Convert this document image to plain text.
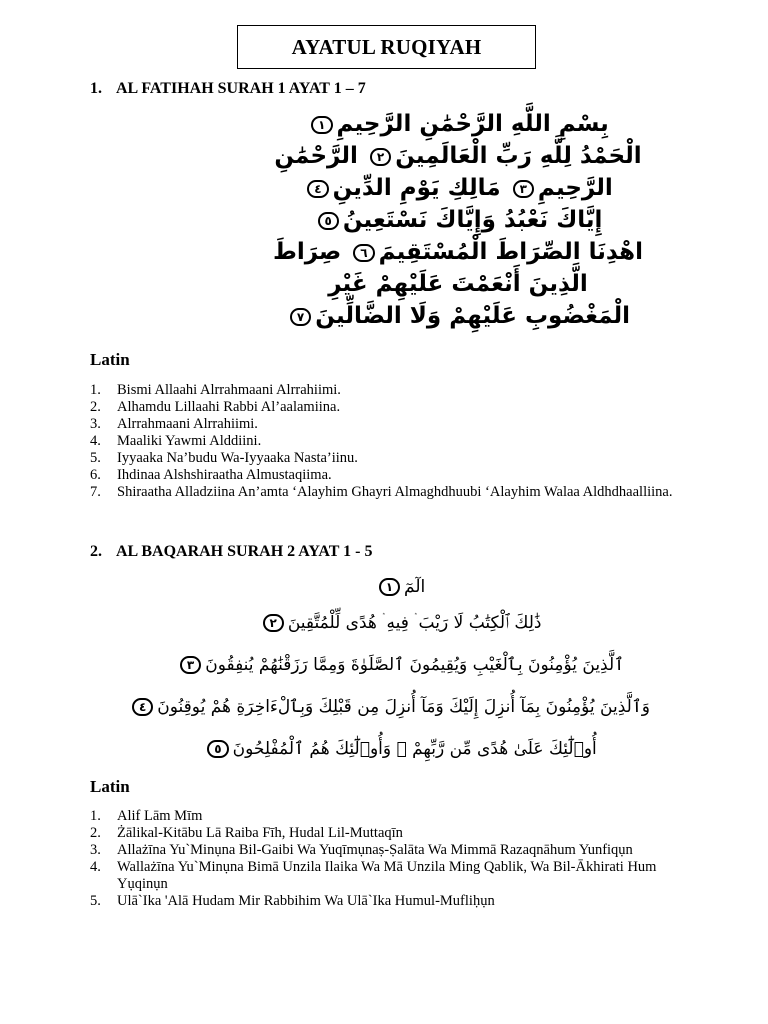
AYATUL RUQIYAH
1. AL FATIHAH SURAH 1 AYAT 1 – 7
بِسْمِ اللَّهِ الرَّحْمَٰنِ الرَّحِيمِ١
الْحَمْدُ لِلَّهِ رَبِّ الْعَالَمِينَ٢ الرَّحْمَٰنِ
الرَّحِيمِ٣ مَالِكِ يَوْمِ الدِّينِ٤
إِيَّاكَ نَعْبُدُ وَإِيَّاكَ نَسْتَعِينُ٥
اهْدِنَا الصِّرَاطَ الْمُسْتَقِيمَ٦ صِرَاطَ
الَّذِينَ أَنْعَمْتَ عَلَيْهِمْ غَيْرِ
الْمَغْضُوبِ عَلَيْهِمْ وَلَا الضَّالِّينَ٧
Latin
1.	Bismi Allaahi Alrrahmaani Alrrahiimi.
2.	Alhamdu Lillaahi Rabbi Al’aalamiina.
3.	Alrrahmaani Alrrahiimi.
4.	Maaliki Yawmi Alddiini.
5.	Iyyaaka Na’budu Wa-Iyyaaka Nasta’iinu.
6.	Ihdinaa Alshshiraatha Almustaqiima.
7.	Shiraatha Alladziina An’amta ‘Alayhim Ghayri Almaghdhuubi ‘Alayhim Walaa Aldhdhaalliina.
2. AL BAQARAH SURAH 2 AYAT 1 - 5
الٓمٓ١
ذَٰلِكَ ٱلْكِتَٰبُ لَا رَيْبَ ۛ فِيهِ ۛ هُدًى لِّلْمُتَّقِينَ٢
ٱلَّذِينَ يُؤْمِنُونَ بِٱلْغَيْبِ وَيُقِيمُونَ ٱلصَّلَوٰةَ وَمِمَّا رَزَقْنَٰهُمْ يُنفِقُونَ٣
وَٱلَّذِينَ يُؤْمِنُونَ بِمَآ أُنزِلَ إِلَيْكَ وَمَآ أُنزِلَ مِن قَبْلِكَ وَبِٱلْءَاخِرَةِ هُمْ يُوقِنُونَ٤
أُو۟لَٰٓئِكَ عَلَىٰ هُدًى مِّن رَّبِّهِمْ ۖ وَأُو۟لَٰٓئِكَ هُمُ ٱلْمُفْلِحُونَ٥
Latin
1.	Alif Lām Mīm
2.	Żālikal-Kitābu Lā Raiba Fīh, Hudal Lil-Muttaqīn
3.	Allażīna Yu`Minụna Bil-Gaibi Wa Yuqīmụnaṣ-Ṣalāta Wa Mimmā Razaqnāhum Yunfiqụn
4.	Wallażīna Yu`Minụna Bimā Unzila Ilaika Wa Mā Unzila Ming Qablik, Wa Bil-Ākhirati Hum Yụqinụn
5.	Ulā`Ika 'Alā Hudam Mir Rabbihim Wa Ulā`Ika Humul-Mufliḥụn
